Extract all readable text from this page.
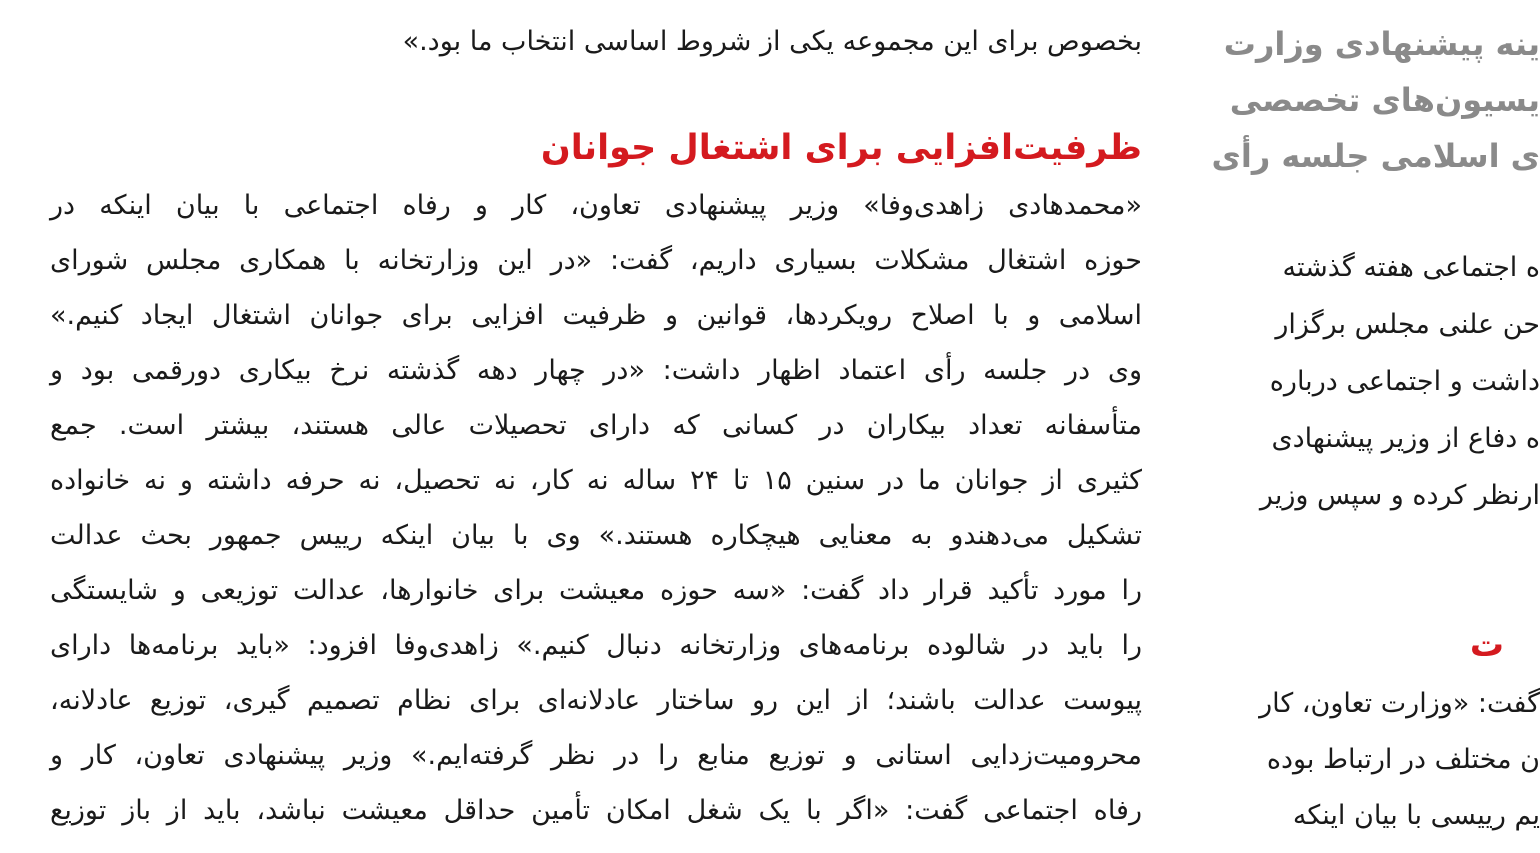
بخصوص برای این مجموعه یکی از شروط اساسی انتخاب ما بود.»
ظرفیت‌افزایی برای اشتغال جوانان
«محمدهادی زاهدی‌وفا» وزیر پیشنهادی تعاون، کار و رفاه اجتماعی با بیان اینکه در
حوزه اشتغال مشکلات بسیاری داریم، گفت: «در این وزارتخانه با همکاری مجلس شورای
اسلامی و با اصلاح رویکردها، قوانین و ظرفیت افزایی برای جوانان اشتغال ایجاد کنیم.»
وی در جلسه رأی اعتماد اظهار داشت: «در چهار دهه گذشته نرخ بیکاری دورقمی بود و
متأسفانه تعداد بیکاران در کسانی که دارای تحصیلات عالی هستند، بیشتر است. جمع
کثیری از جوانان ما در سنین ۱۵ تا ۲۴ ساله نه کار، نه تحصیل، نه حرفه داشته و نه خانواده
تشکیل می‌دهندو به معنایی هیچکاره هستند.» وی با بیان اینکه رییس جمهور بحث عدالت
را مورد تأکید قرار داد گفت: «سه حوزه معیشت برای خانوارها، عدالت توزیعی و شایستگی
را باید در شالوده برنامه‌های وزارتخانه دنبال کنیم.» زاهدی‌وفا افزود: «باید برنامه‌ها دارای
پیوست عدالت باشند؛ از این رو ساختار عادلانه‌ای برای نظام تصمیم گیری، توزیع عادلانه،
محرومیت‌زدایی استانی و توزیع منابع را در نظر گرفته‌ایم.» وزیر پیشنهادی تعاون، کار و
رفاه اجتماعی گفت: «اگر با یک شغل امکان تأمین حداقل معیشت نباشد، باید از باز توزیع
ینه پیشنهادی وزارت
یسیون‌های تخصصی
ی اسلامی جلسه رأی
ه اجتماعی هفته گذشته
حن علنی مجلس برگزار
داشت و اجتماعی درباره
ه دفاع از وزیر پیشنهادی
ارنظر کرده و سپس وزیر
ت
گفت: «وزارت تعاون، کار
ن مختلف در ارتباط بوده
یم رییسی با بیان اینکه
